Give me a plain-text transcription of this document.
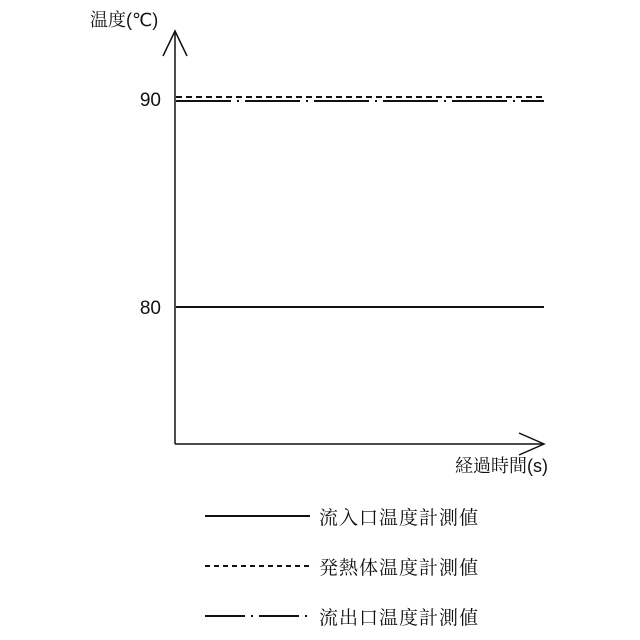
温度(℃)
経過時間(s)
90
80
流入口温度計測値
発熱体温度計測値
流出口温度計測値
